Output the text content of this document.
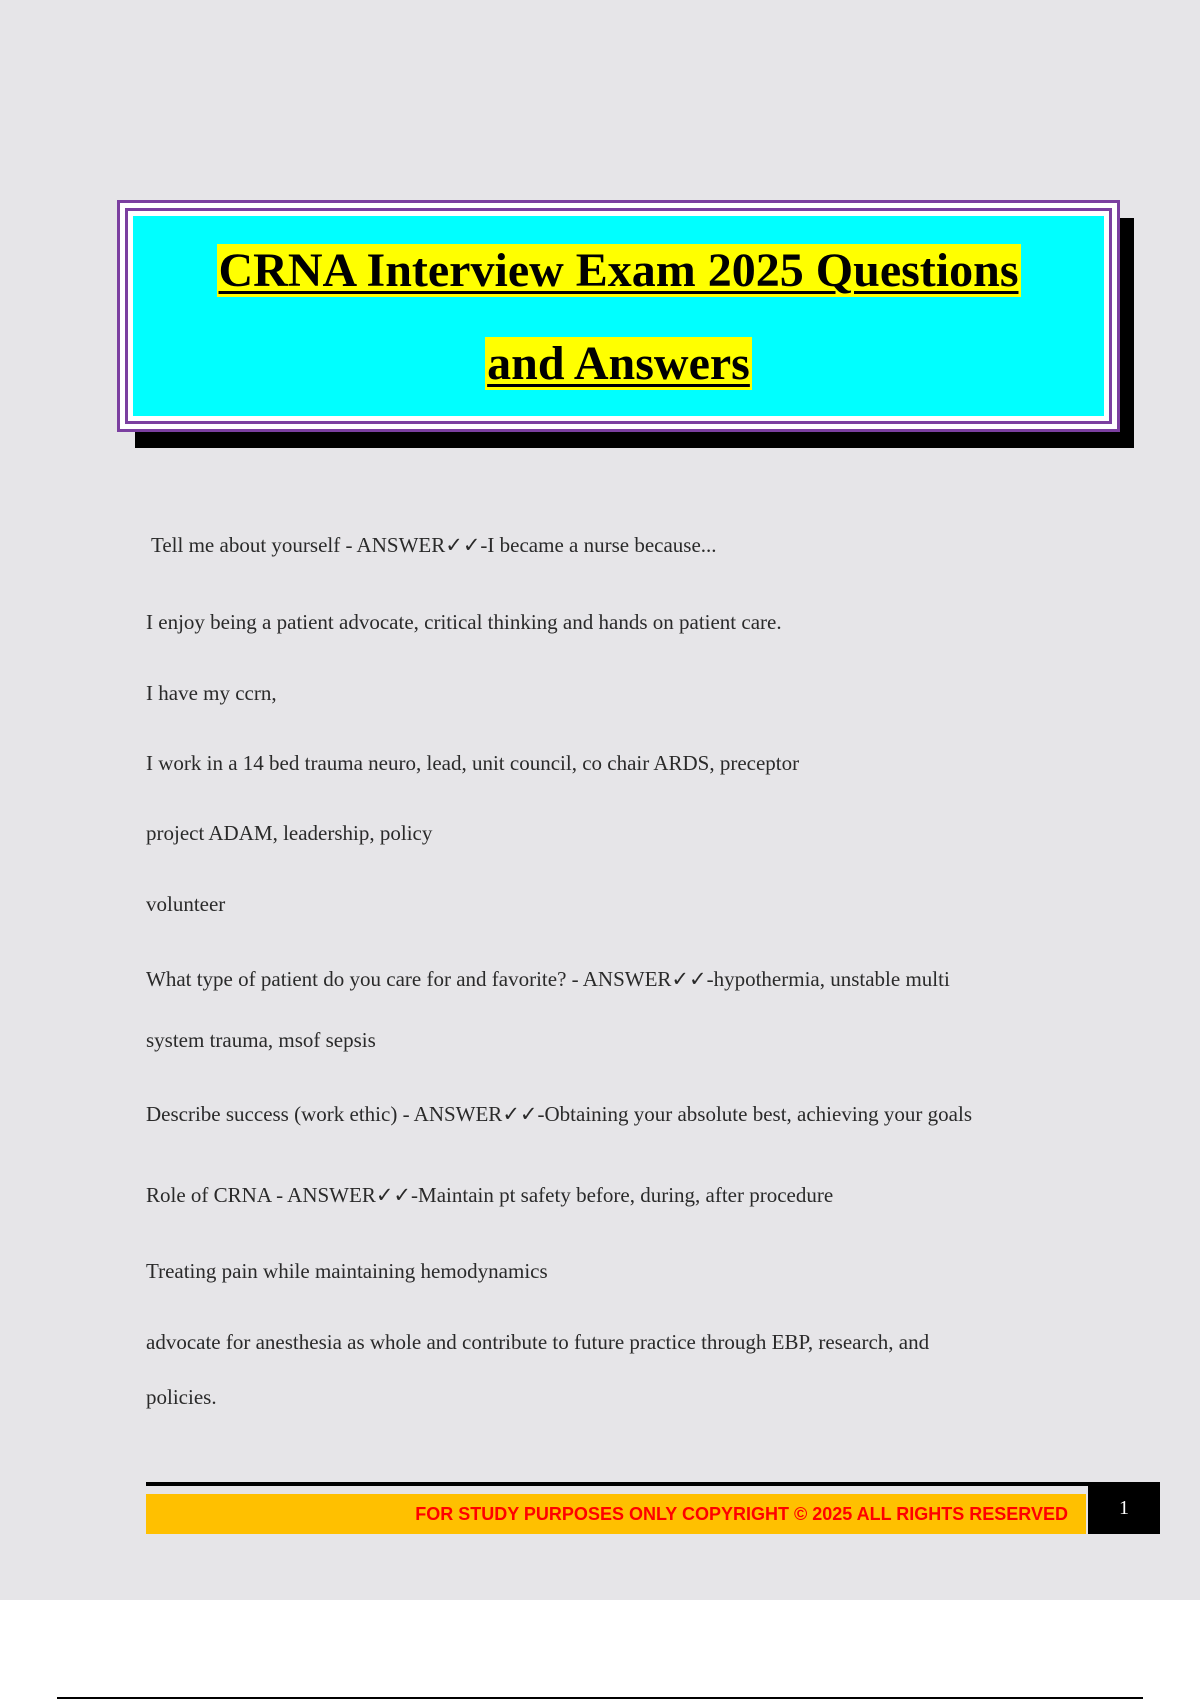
CRNA Interview Exam 2025 Questions
and Answers
Tell me about yourself - ANSWER✓✓-I became a nurse because...
I enjoy being a patient advocate, critical thinking and hands on patient care.
I have my ccrn,
I work in a 14 bed trauma neuro, lead, unit council, co chair ARDS, preceptor
project ADAM, leadership, policy
volunteer
What type of patient do you care for and favorite? - ANSWER✓✓-hypothermia, unstable multi
system trauma, msof sepsis
Describe success (work ethic) - ANSWER✓✓-Obtaining your absolute best, achieving your goals
Role of CRNA - ANSWER✓✓-Maintain pt safety before, during, after procedure
Treating pain while maintaining hemodynamics
advocate for anesthesia as whole and contribute to future practice through EBP, research, and
policies.
FOR STUDY PURPOSES ONLY COPYRIGHT © 2025 ALL RIGHTS RESERVED	1
